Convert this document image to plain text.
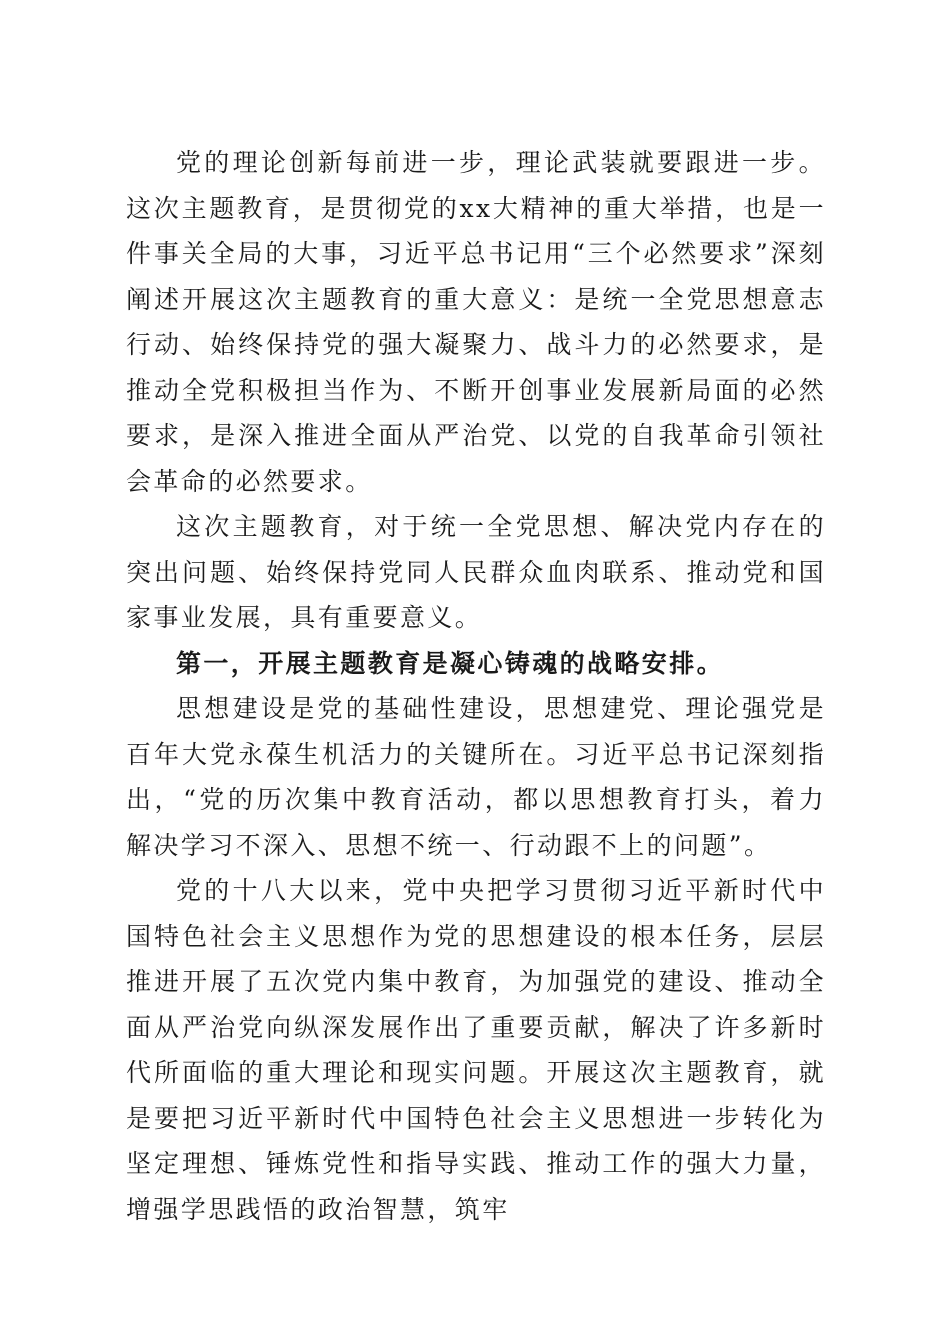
党的理论创新每前进一步，理论武装就要跟进一步。这次主题教育，是贯彻党的xx大精神的重大举措，也是一件事关全局的大事，习近平总书记用“三个必然要求”深刻阐述开展这次主题教育的重大意义：是统一全党思想意志行动、始终保持党的强大凝聚力、战斗力的必然要求，是推动全党积极担当作为、不断开创事业发展新局面的必然要求，是深入推进全面从严治党、以党的自我革命引领社会革命的必然要求。

这次主题教育，对于统一全党思想、解决党内存在的突出问题、始终保持党同人民群众血肉联系、推动党和国家事业发展，具有重要意义。

第一，开展主题教育是凝心铸魂的战略安排。

思想建设是党的基础性建设，思想建党、理论强党是百年大党永葆生机活力的关键所在。习近平总书记深刻指出，“党的历次集中教育活动，都以思想教育打头，着力解决学习不深入、思想不统一、行动跟不上的问题”。

党的十八大以来，党中央把学习贯彻习近平新时代中国特色社会主义思想作为党的思想建设的根本任务，层层推进开展了五次党内集中教育，为加强党的建设、推动全面从严治党向纵深发展作出了重要贡献，解决了许多新时代所面临的重大理论和现实问题。开展这次主题教育，就是要把习近平新时代中国特色社会主义思想进一步转化为坚定理想、锤炼党性和指导实践、推动工作的强大力量，增强学思践悟的政治智慧，筑牢
